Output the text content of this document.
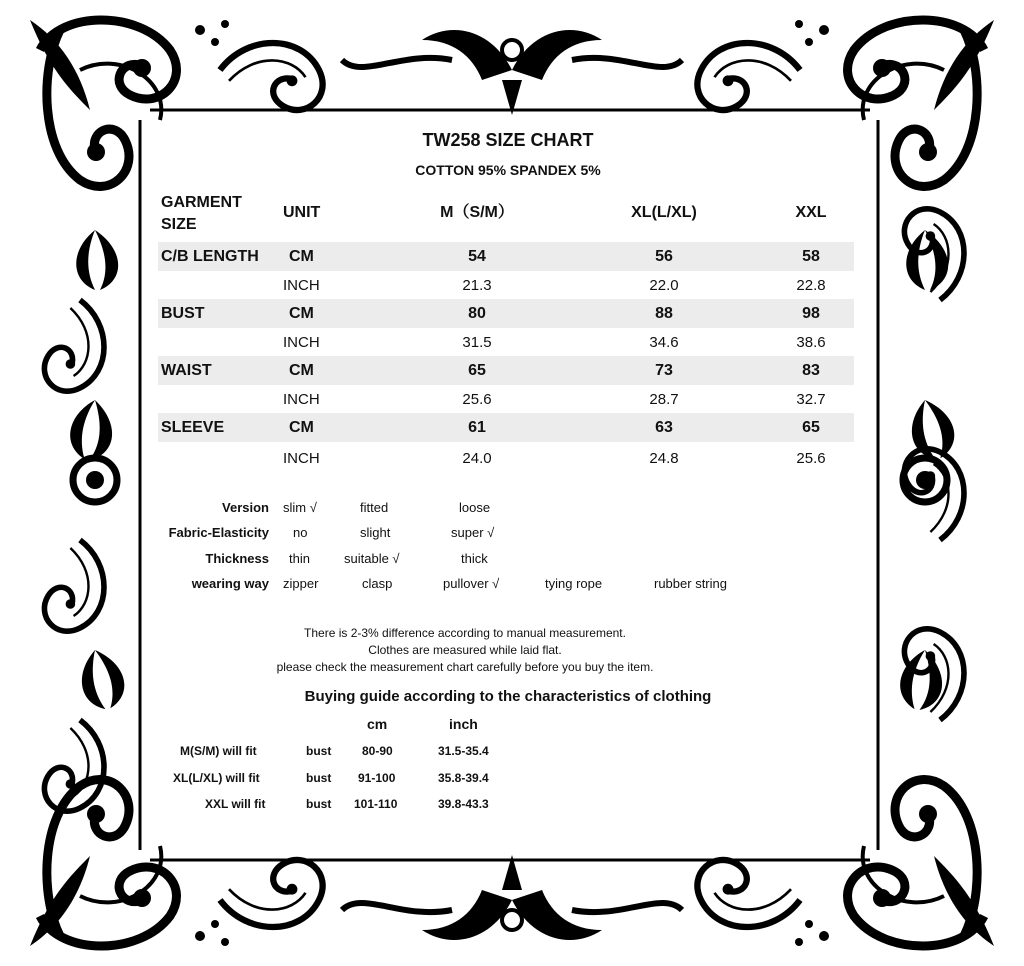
TW258 SIZE CHART
COTTON 95% SPANDEX 5%
GARMENT
SIZE
UNIT	M（S/M）	XL(L/XL)	XXL
C/B LENGTH CM	54	56	58
INCH	21.3	22.0	22.8
BUST	CM	80	88	98
INCH	31.5	34.6	38.6
WAIST	CM	65	73	83
INCH	25.6	28.7	32.7
SLEEVE	CM	61	63	65
INCH	24.0	24.8	25.6
Version slim √	fitted	loose
Fabric-Elasticity no	slight	super √
Thickness thin	suitable √	thick
wearing way zipper	clasp	pullover √	tying rope	rubber string
There is 2-3% difference according to manual measurement.
Clothes are measured while laid flat.
please check the measurement chart carefully before you buy the item.
Buying guide according to the characteristics of clothing
cm	inch
M(S/M) will fit	bust	80-90	31.5-35.4
XL(L/XL) will fit	bust 91-100	35.8-39.4
XXL will fit	bust 101-110	39.8-43.3
